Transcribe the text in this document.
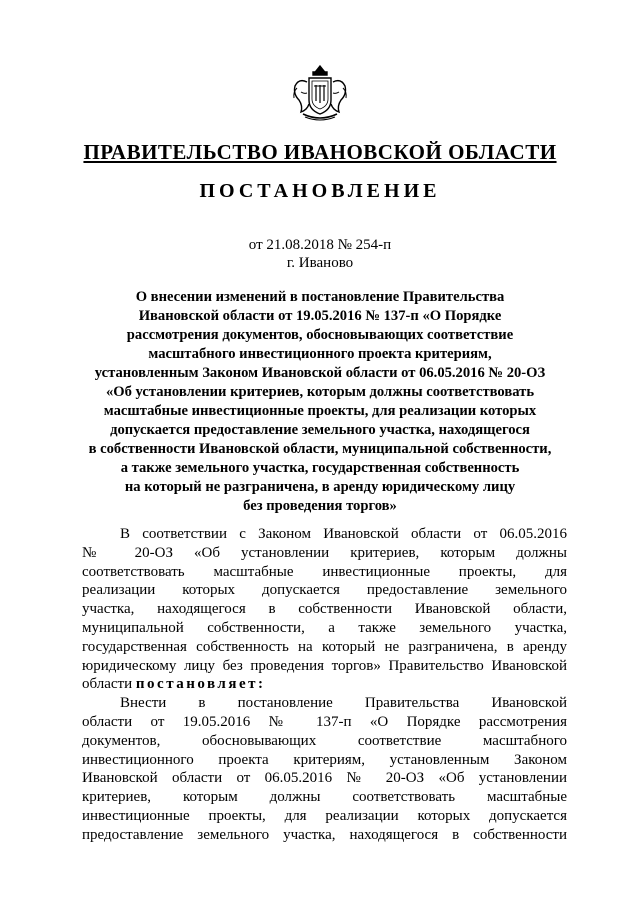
ПРАВИТЕЛЬСТВО ИВАНОВСКОЙ ОБЛАСТИ
ПОСТАНОВЛЕНИЕ
от 21.08.2018 № 254-п
г. Иваново
О внесении изменений в постановление Правительства
Ивановской области от 19.05.2016 № 137-п «О Порядке
рассмотрения документов, обосновывающих соответствие
масштабного инвестиционного проекта критериям,
установленным Законом Ивановской области от 06.05.2016 № 20-ОЗ
«Об установлении критериев, которым должны соответствовать
масштабные инвестиционные проекты, для реализации которых
допускается предоставление земельного участка, находящегося
в собственности Ивановской области, муниципальной собственности,
а также земельного участка, государственная собственность
на который не разграничена, в аренду юридическому лицу
без проведения торгов»
В соответствии с Законом Ивановской области от 06.05.2016
№ 20-ОЗ «Об установлении критериев, которым должны
соответствовать масштабные инвестиционные проекты, для
реализации которых допускается предоставление земельного
участка, находящегося в собственности Ивановской области,
муниципальной собственности, а также земельного участка,
государственная собственность на который не разграничена, в аренду
юридическому лицу без проведения торгов» Правительство Ивановской
области постановляет:
Внести в постановление Правительства Ивановской
области от 19.05.2016 № 137-п «О Порядке рассмотрения
документов, обосновывающих соответствие масштабного
инвестиционного проекта критериям, установленным Законом
Ивановской области от 06.05.2016 № 20-ОЗ «Об установлении
критериев, которым должны соответствовать масштабные
инвестиционные проекты, для реализации которых допускается
предоставление земельного участка, находящегося в собственности
